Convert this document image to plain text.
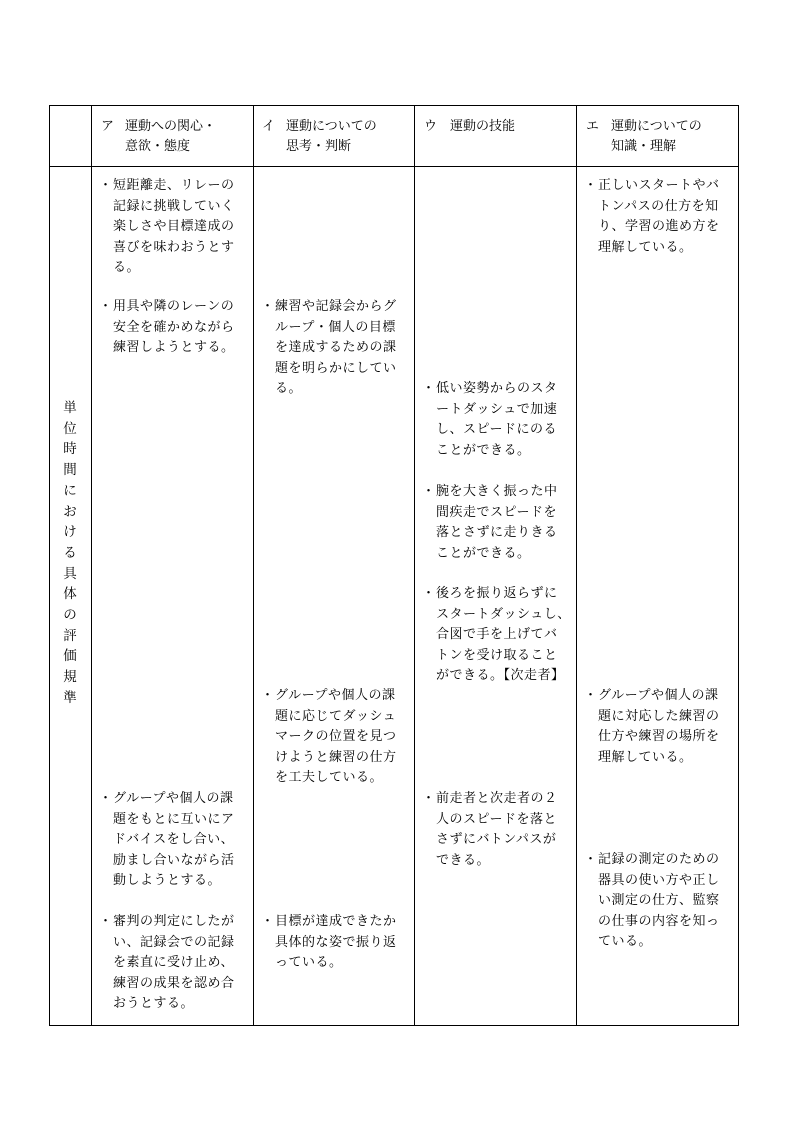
ア 運動への関心・
意欲・態度
イ 運動についての
思考・判断
ウ 運動の技能	エ 運動についての
知識・理解
単位時間における具体の評価規準
・ 短距離走、リレーの
記録に挑戦していく
楽しさや目標達成の
喜びを味わおうとす
る。
・ 用具や隣のレーンの
安全を確かめながら
練習しようとする。
・ グループや個人の課
題をもとに互いにア
ドバイスをし合い、
励まし合いながら活
動しようとする。
・ 審判の判定にしたが
い、記録会での記録
を素直に受け止め、
練習の成果を認め合
おうとする。
・ 練習や記録会からグ
ループ・個人の目標
を達成するための課
題を明らかにしてい
る。
・ グループや個人の課
題に応じてダッシュ
マークの位置を見つ
けようと練習の仕方
を工夫している。
・ 目標が達成できたか
具体的な姿で振り返
っている。
・ 低い姿勢からのスタ
ートダッシュで加速
し、スピードにのる
ことができる。
・ 腕を大きく振った中
間疾走でスピードを
落とさずに走りきる
ことができる。
・ 後ろを振り返らずに
スタートダッシュし、
合図で手を上げてバ
トンを受け取ること
ができる。【次走者】
・ 前走者と次走者の２
人のスピードを落と
さずにバトンパスが
できる。
・ 正しいスタートやバ
トンパスの仕方を知
り、学習の進め方を
理解している。
・ グループや個人の課
題に対応した練習の
仕方や練習の場所を
理解している。
・ 記録の測定のための
器具の使い方や正し
い測定の仕方、監察
の仕事の内容を知っ
ている。
